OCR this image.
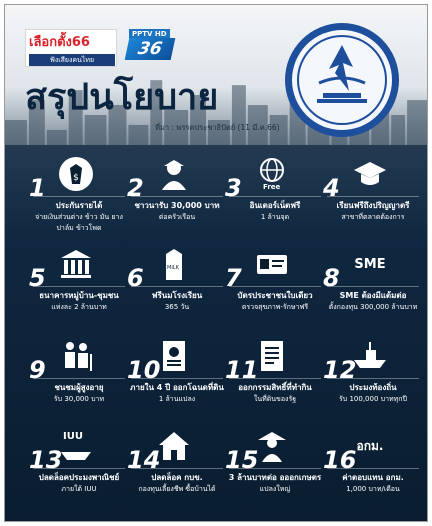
เลือกตั้ง66
ฟังเสียงคนไทย
PPTV HD
36
สรุปนโยบาย
ที่มา : พรรคประชาธิปัตย์ (11 มี.ค.66)
$
1
ประกันรายได้
จ่ายเงินส่วนต่าง ข้าว มัน ยาง ปาล์ม ข้าวโพด
2
ชาวนารับ 30,000 บาท
ต่อครัวเรือน
Free
3
อินเตอร์เน็ตฟรี
1 ล้านจุด
4
เรียนฟรีถึงปริญญาตรี
สาขาที่ตลาดต้องการ
5
ธนาคารหมู่บ้าน-ชุมชน
แห่งละ 2 ล้านบาท
MILK
6
ฟรีนมโรงเรียน
365 วัน
7
บัตรประชาชนใบเดียว
ตรวจสุขภาพ-รักษาฟรี
SME
8
SME ต้องมีแต้มต่อ
ตั้งกองทุน 300,000 ล้านบาท
9
ชนชมผู้สูงอายุ
รับ 30,000 บาท
10
ภายใน 4 ปี ออกโฉนดที่ดิน
1 ล้านแปลง
11
ออกกรรมสิทธิ์ที่ทำกิน
ในที่ดินของรัฐ
12
ประมงท้องถิ่น
รับ 100,000 บาททุกปี
IUU
13
ปลดล็อคประมงพาณิชย์
ภายใต้ IUU
14
ปลดล็อค กบข.
กองทุนเลี้ยงชีพ ซื้อบ้านได้
15
3 ล้านบาทต่อ อออกเกษตร
แปลงใหญ่
อกม.
16
ค่าตอบแทน อกม.
1,000 บาท/เดือน
